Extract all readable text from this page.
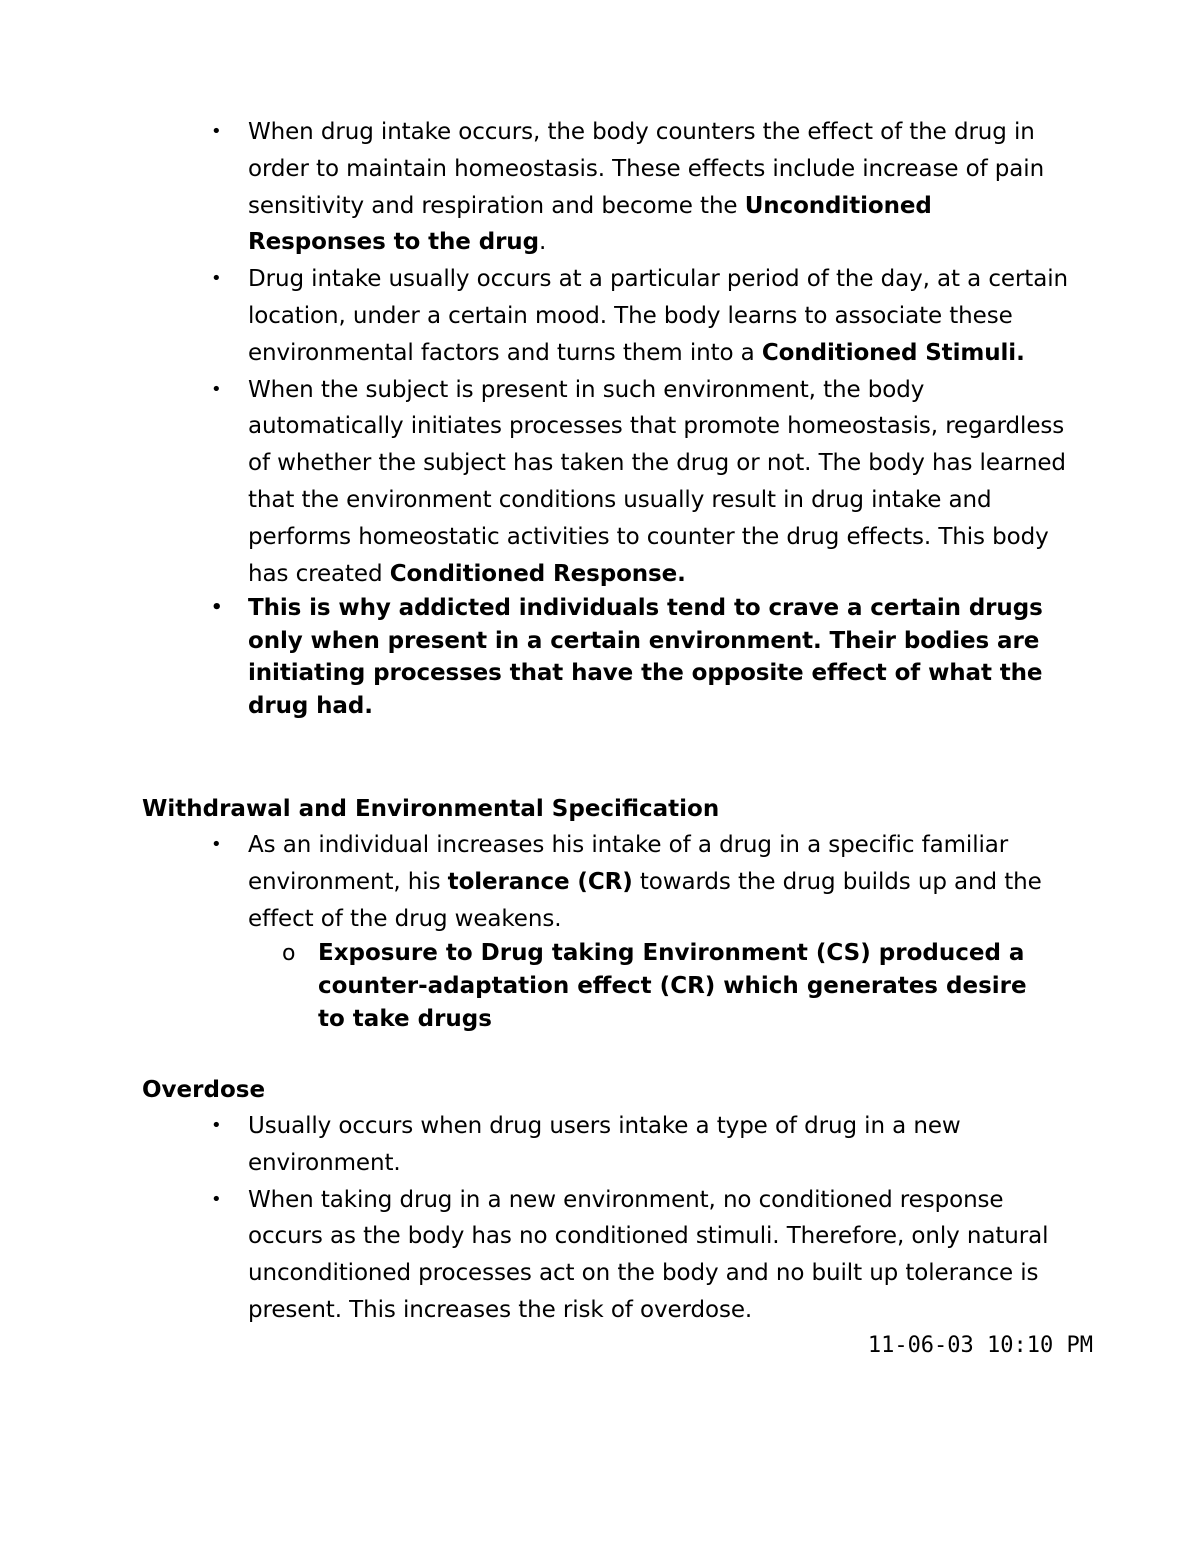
• When drug intake occurs, the body counters the effect of the drug in order to maintain homeostasis. These effects include increase of pain sensitivity and respiration and become the Unconditioned Responses to the drug.
• Drug intake usually occurs at a particular period of the day, at a certain location, under a certain mood. The body learns to associate these environmental factors and turns them into a Conditioned Stimuli.
• When the subject is present in such environment, the body automatically initiates processes that promote homeostasis, regardless of whether the subject has taken the drug or not. The body has learned that the environment conditions usually result in drug intake and performs homeostatic activities to counter the drug effects. This body has created Conditioned Response.
• This is why addicted individuals tend to crave a certain drugs only when present in a certain environment. Their bodies are initiating processes that have the opposite effect of what the drug had.
Withdrawal and Environmental Specification
• As an individual increases his intake of a drug in a specific familiar environment, his tolerance (CR) towards the drug builds up and the effect of the drug weakens.
o Exposure to Drug taking Environment (CS) produced a counter-adaptation effect (CR) which generates desire to take drugs
Overdose
• Usually occurs when drug users intake a type of drug in a new environment.
• When taking drug in a new environment, no conditioned response occurs as the body has no conditioned stimuli. Therefore, only natural unconditioned processes act on the body and no built up tolerance is present. This increases the risk of overdose.
11-06-03 10:10 PM
